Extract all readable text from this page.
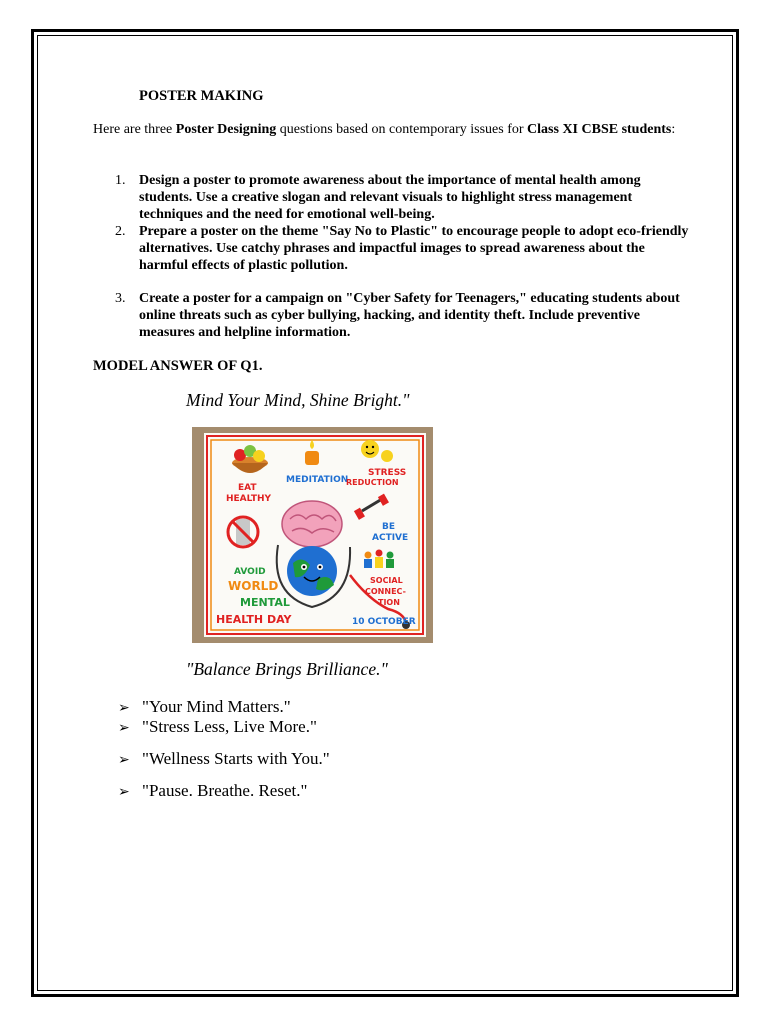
POSTER MAKING
Here are three Poster Designing questions based on contemporary issues for Class XI CBSE students:
1. Design a poster to promote awareness about the importance of mental health among students. Use a creative slogan and relevant visuals to highlight stress management techniques and the need for emotional well-being.
2. Prepare a poster on the theme "Say No to Plastic" to encourage people to adopt eco-friendly alternatives. Use catchy phrases and impactful images to spread awareness about the harmful effects of plastic pollution.
3. Create a poster for a campaign on "Cyber Safety for Teenagers," educating students about online threats such as cyber bullying, hacking, and identity theft. Include preventive measures and helpline information.
MODEL ANSWER OF Q1.
Mind Your Mind, Shine Bright."
EAT
HEALTHY
MEDITATION
STRESS
REDUCTION
BE
ACTIVE
AVOID
WORLD
MENTAL
HEALTH DAY
SOCIAL
CONNEC-
TION
10 OCTOBER
"Balance Brings Brilliance."
➢ "Your Mind Matters."
➢ "Stress Less, Live More."
➢ "Wellness Starts with You."
➢ "Pause. Breathe. Reset."
